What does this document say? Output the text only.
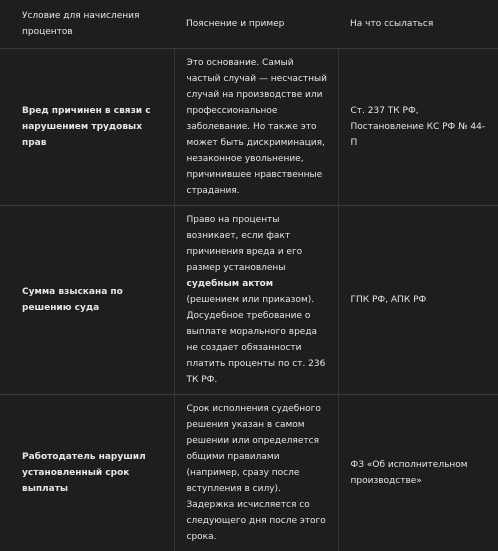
Условие для начисления процентов	Пояснение и пример	На что ссылаться
Вред причинен в связи с нарушением трудовых прав	Это основание. Самый частый случай — несчастный случай на производстве или профессиональное заболевание. Но также это может быть дискриминация, незаконное увольнение, причинившее нравственные страдания.	Ст. 237 ТК РФ, Постановление КС РФ № 44-П
Сумма взыскана по решению суда	Право на проценты возникает, если факт причинения вреда и его размер установлены судебным актом (решением или приказом). Досудебное требование о выплате морального вреда не создает обязанности платить проценты по ст. 236 ТК РФ.	ГПК РФ, АПК РФ
Работодатель нарушил установленный срок выплаты	Срок исполнения судебного решения указан в самом решении или определяется общими правилами (например, сразу после вступления в силу). Задержка исчисляется со следующего дня после этого срока.	ФЗ «Об исполнительном производстве»
